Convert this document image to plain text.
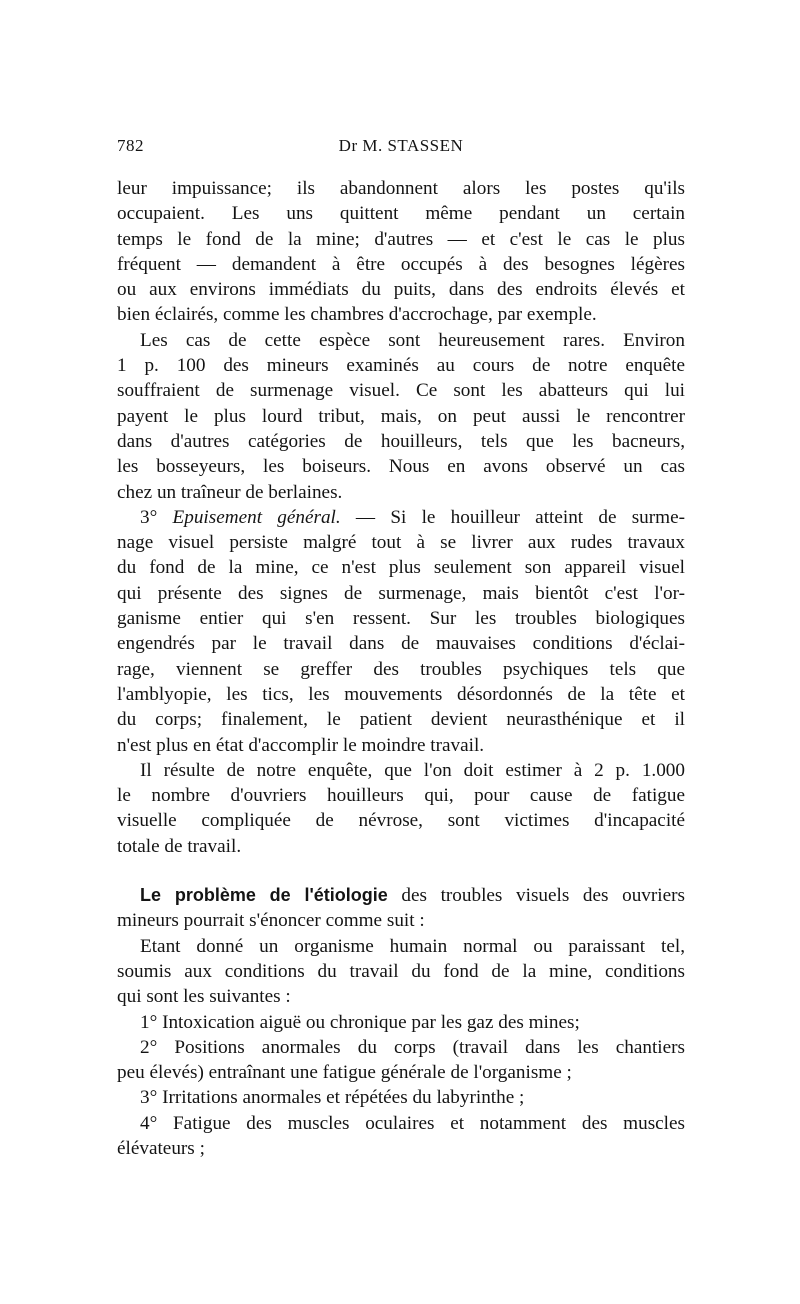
782	Dr M. STASSEN

leur impuissance; ils abandonnent alors les postes qu'ils
occupaient. Les uns quittent même pendant un certain
temps le fond de la mine; d'autres — et c'est le cas le plus
fréquent — demandent à être occupés à des besognes légères
ou aux environs immédiats du puits, dans des endroits élevés et
bien éclairés, comme les chambres d'accrochage, par exemple.

Les cas de cette espèce sont heureusement rares. Environ
1 p. 100 des mineurs examinés au cours de notre enquête
souffraient de surmenage visuel. Ce sont les abatteurs qui lui
payent le plus lourd tribut, mais, on peut aussi le rencontrer
dans d'autres catégories de houilleurs, tels que les bacneurs,
les bosseyeurs, les boiseurs. Nous en avons observé un cas
chez un traîneur de berlaines.

3° Epuisement général. — Si le houilleur atteint de surme-
nage visuel persiste malgré tout à se livrer aux rudes travaux
du fond de la mine, ce n'est plus seulement son appareil visuel
qui présente des signes de surmenage, mais bientôt c'est l'or-
ganisme entier qui s'en ressent. Sur les troubles biologiques
engendrés par le travail dans de mauvaises conditions d'éclai-
rage, viennent se greffer des troubles psychiques tels que
l'amblyopie, les tics, les mouvements désordonnés de la tête et
du corps; finalement, le patient devient neurasthénique et il
n'est plus en état d'accomplir le moindre travail.

Il résulte de notre enquête, que l'on doit estimer à 2 p. 1.000
le nombre d'ouvriers houilleurs qui, pour cause de fatigue
visuelle compliquée de névrose, sont victimes d'incapacité
totale de travail.

Le problème de l'étiologie des troubles visuels des ouvriers
mineurs pourrait s'énoncer comme suit :

Etant donné un organisme humain normal ou paraissant tel,
soumis aux conditions du travail du fond de la mine, conditions
qui sont les suivantes :

1° Intoxication aiguë ou chronique par les gaz des mines;

2° Positions anormales du corps (travail dans les chantiers
peu élevés) entraînant une fatigue générale de l'organisme ;

3° Irritations anormales et répétées du labyrinthe ;

4° Fatigue des muscles oculaires et notamment des muscles
élévateurs ;
